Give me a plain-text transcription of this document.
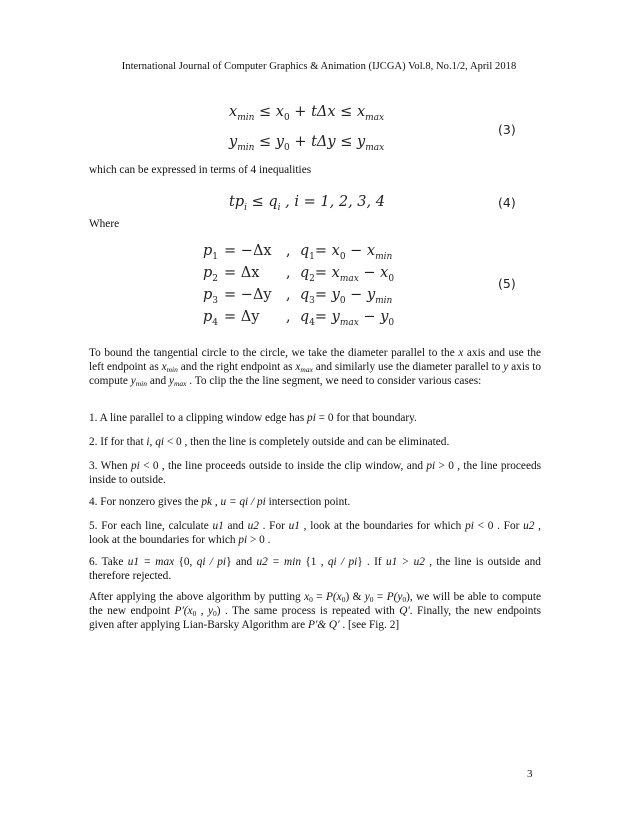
International Journal of Computer Graphics & Animation (IJCGA) Vol.8, No.1/2, April 2018
$x_{min} \le x_0 + t\Delta x \le x_{max}$
$y_{min} \le y_0 + t\Delta y \le y_{max}$
(3)
which can be expressed in terms of 4 inequalities
$tp_i \le q_i$ , i = 1, 2, 3, 4	(4)
Where
$p_1 = -\Delta x$ ,  $q_1= x_0 - x_{min}$
$p_2 = \Delta x$ ,  $q_2= x_{max} - x_0$
$p_3 = -\Delta y$ ,  $q_3= y_0 - y_{min}$
$p_4 = \Delta y$ ,  $q_4= y_{max} - y_0$
(5)
To bound the tangential circle to the circle, we take the diameter parallel to the x axis and use the left endpoint as $x_{min}$ and the right endpoint as $x_{max}$ and similarly use the diameter parallel to y axis to compute $y_{min}$ and $y_{max}$ . To clip the the line segment, we need to consider various cases:
1. A line parallel to a clipping window edge has pi = 0 for that boundary.
2. If for that i, qi < 0 , then the line is completely outside and can be eliminated.
3. When pi < 0 , the line proceeds outside to inside the clip window, and pi > 0 , the line proceeds inside to outside.
4. For nonzero gives the pk , u = qi / pi intersection point.
5. For each line, calculate u1 and u2 . For u1 , look at the boundaries for which pi < 0 . For u2 , look at the boundaries for which pi > 0 .
6. Take u1 = max {0, qi / pi} and u2 = min {1 , qi / pi} . If u1 > u2 , the line is outside and therefore rejected.
After applying the above algorithm by putting $x_0 = P(x_0)$ & $y_0 = P(y_0)$, we will be able to compute the new endpoint $P'(x_0$ , $y_0$) . The same process is repeated with Q'. Finally, the new endpoints given after applying Lian-Barsky Algorithm are P'& Q' . [see Fig. 2]
3
